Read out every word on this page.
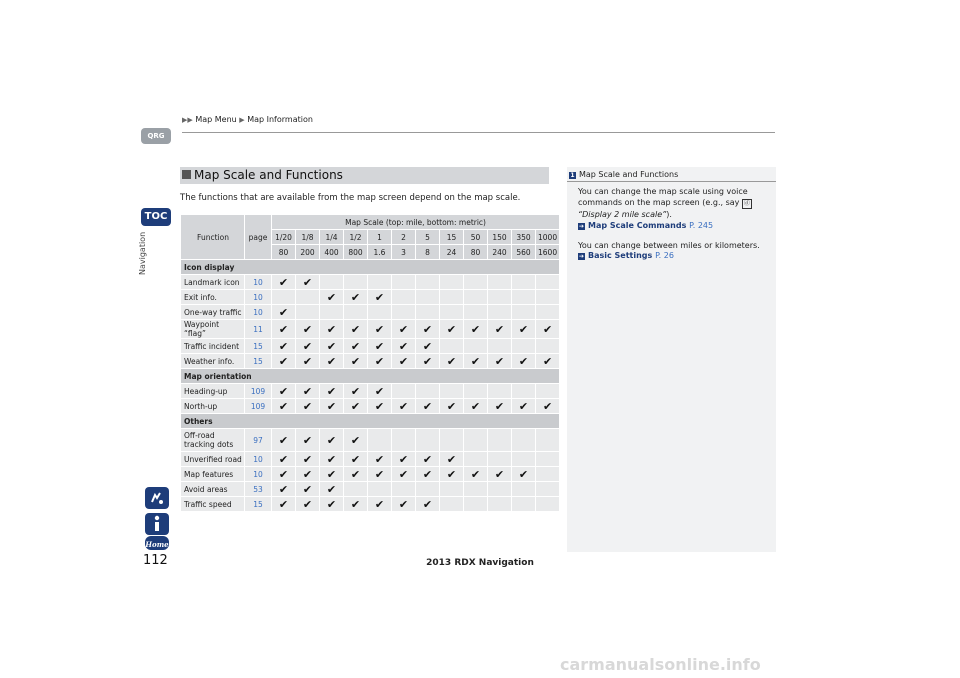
▶▶ Map Menu ▶ Map Information
QRG
TOC
Navigation
Home
112
Map Scale and Functions
The functions that are available from the map screen depend on the map scale.
Function	page	Map Scale (top: mile, bottom: metric)											
		1/20	1/8	1/4	1/2	1	2	5	15	50	150	350	1000
		80	200	400	800	1.6	3	8	24	80	240	560	1600
Icon display													
Landmark icon	10	✔	✔										
Exit info.	10			✔	✔	✔							
One-way traffic	10	✔											
Waypoint “flag”	11	✔	✔	✔	✔	✔	✔	✔	✔	✔	✔	✔	✔
Traffic incident	15	✔	✔	✔	✔	✔	✔	✔					
Weather info.	15	✔	✔	✔	✔	✔	✔	✔	✔	✔	✔	✔	✔
Map orientation													
Heading-up	109	✔	✔	✔	✔	✔							
North-up	109	✔	✔	✔	✔	✔	✔	✔	✔	✔	✔	✔	✔
Others													
Off-road tracking dots	97	✔	✔	✔	✔								
Unverified road	10	✔	✔	✔	✔	✔	✔	✔	✔				
Map features	10	✔	✔	✔	✔	✔	✔	✔	✔	✔	✔	✔	
Avoid areas	53	✔	✔	✔									
Traffic speed	15	✔	✔	✔	✔	✔	✔	✔					
1 Map Scale and Functions
You can change the map scale using voice commands on the map screen (e.g., say ⓓ
“Display 2 mile scale”).
➔ Map Scale Commands P. 245
You can change between miles or kilometers.
➔ Basic Settings P. 26
2013 RDX Navigation
carmanualsonline.info
